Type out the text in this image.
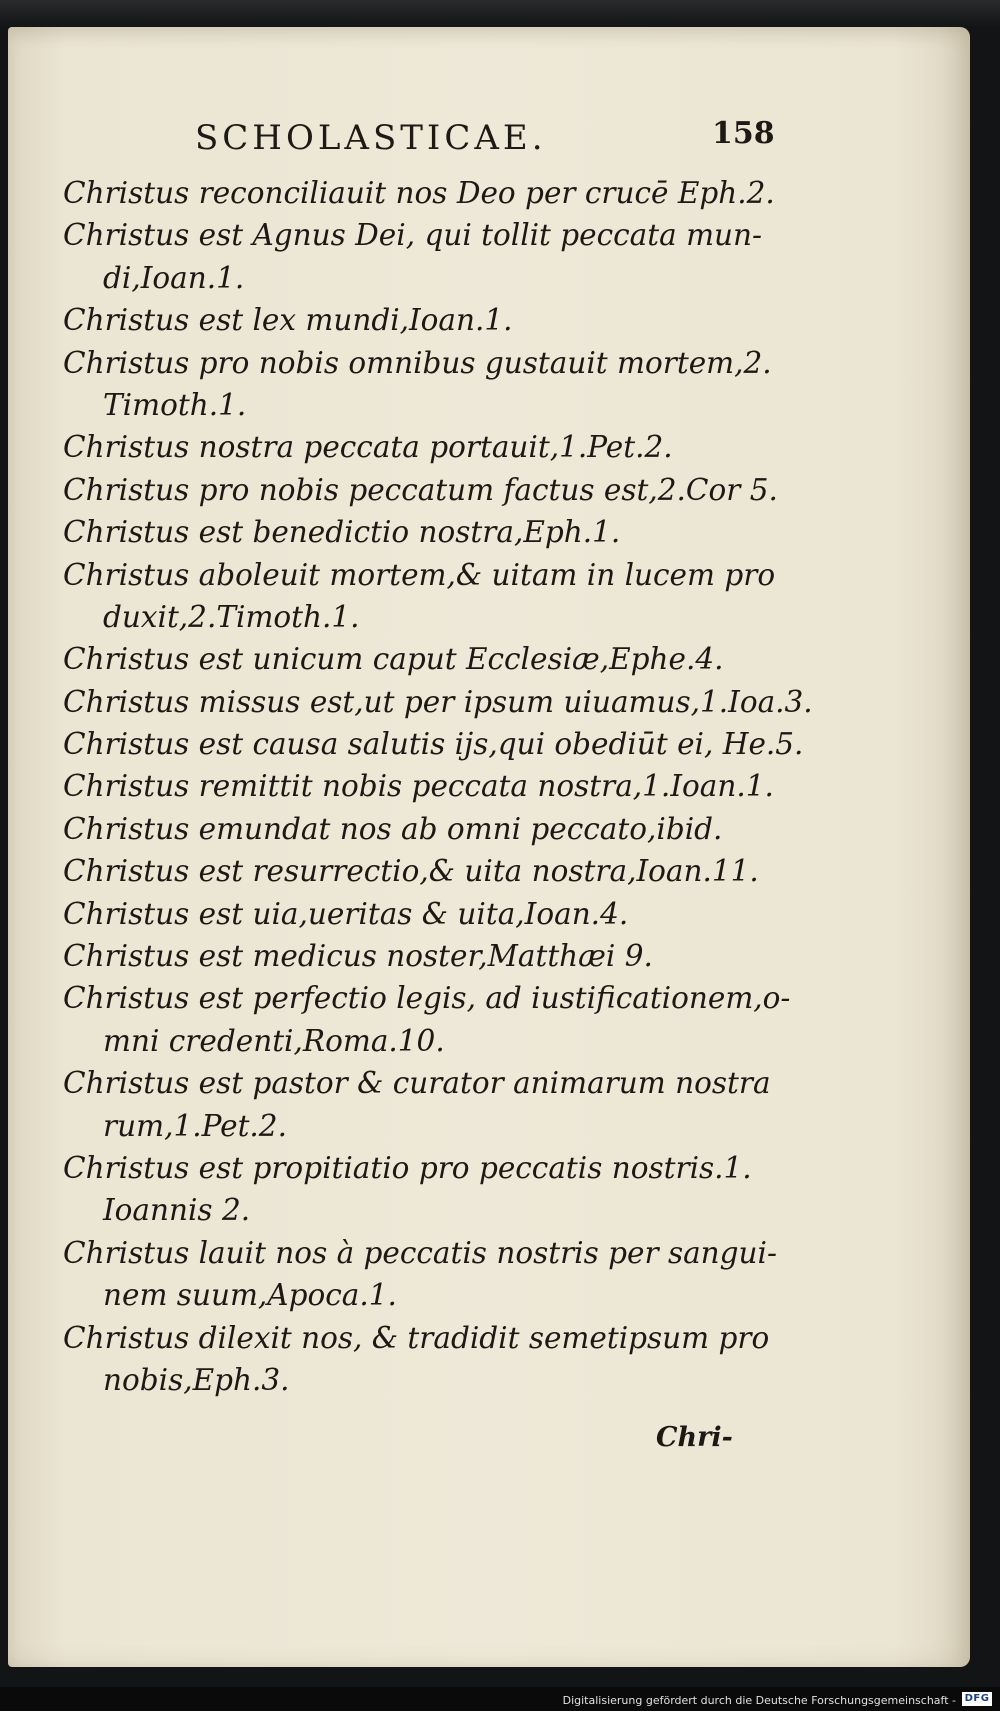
SCHOLASTICAE.	158
Christus reconciliauit nos Deo per crucē Eph.2.
Christus est Agnus Dei, qui tollit peccata mun-
di,Ioan.1.
Christus est lex mundi,Ioan.1.
Christus pro nobis omnibus gustauit mortem,2.
Timoth.1.
Christus nostra peccata portauit,1.Pet.2.
Christus pro nobis peccatum factus est,2.Cor 5.
Christus est benedictio nostra,Eph.1.
Christus aboleuit mortem,& uitam in lucem pro
duxit,2.Timoth.1.
Christus est unicum caput Ecclesiæ,Ephe.4.
Christus missus est,ut per ipsum uiuamus,1.Ioa.3.
Christus est causa salutis ijs,qui obediūt ei, He.5.
Christus remittit nobis peccata nostra,1.Ioan.1.
Christus emundat nos ab omni peccato,ibid.
Christus est resurrectio,& uita nostra,Ioan.11.
Christus est uia,ueritas & uita,Ioan.4.
Christus est medicus noster,Matthæi 9.
Christus est perfectio legis, ad iustificationem,o-
mni credenti,Roma.10.
Christus est pastor & curator animarum nostra
rum,1.Pet.2.
Christus est propitiatio pro peccatis nostris.1.
Ioannis 2.
Christus lauit nos à peccatis nostris per sangui-
nem suum,Apoca.1.
Christus dilexit nos, & tradidit semetipsum pro
nobis,Eph.3.
Chri-
Digitalisierung gefördert durch die Deutsche Forschungsgemeinschaft - DFG
